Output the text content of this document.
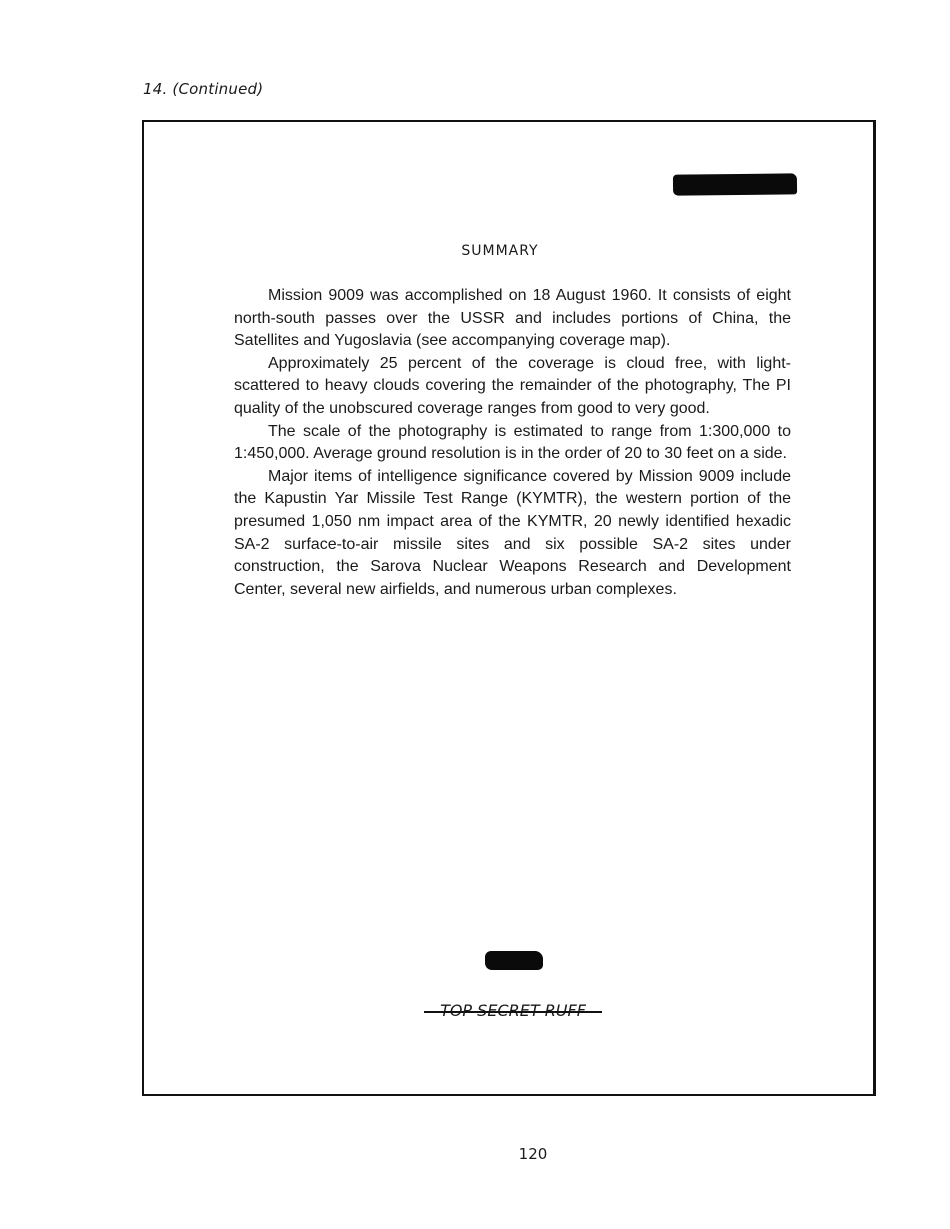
14. (Continued)
SUMMARY

Mission 9009 was accomplished on 18 August 1960. It consists of eight north-south passes over the USSR and includes portions of China, the Satellites and Yugoslavia (see accompanying coverage map).

Approximately 25 percent of the coverage is cloud free, with light-scattered to heavy clouds covering the remainder of the photography, The PI quality of the unobscured coverage ranges from good to very good.

The scale of the photography is estimated to range from 1:300,000 to 1:450,000. Average ground resolution is in the order of 20 to 30 feet on a side.

Major items of intelligence significance covered by Mission 9009 include the Kapustin Yar Missile Test Range (KYMTR), the western portion of the presumed 1,050 nm impact area of the KYMTR, 20 newly identified hexadic SA-2 surface-to-air missile sites and six possible SA-2 sites under construction, the Sarova Nuclear Weapons Research and Development Center, several new airfields, and numerous urban complexes.

120
